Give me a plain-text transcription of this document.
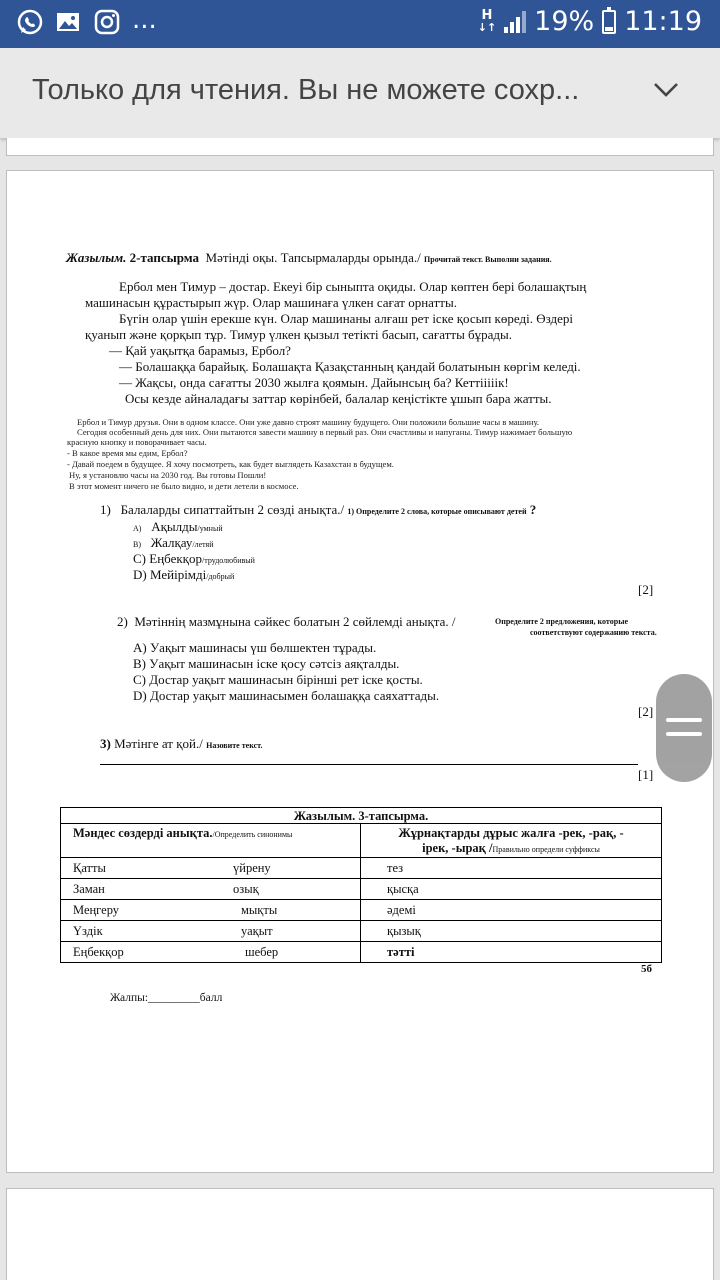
...	H
↓↑ 19% 11:19
Только для чтения. Вы не можете сохр...
Жазылым. 2-тапсырма Мәтінді оқы. Тапсырмаларды орында./ Прочитай текст. Выполни задания.
Ербол мен Тимур – достар. Екеуі бір сыныпта оқиды. Олар көптен бері болашақтың
машинасын құрастырып жүр. Олар машинаға үлкен сағат орнатты.
Бүгін олар үшін ерекше күн. Олар машинаны алғаш рет іске қосып көреді. Өздері
қуанып және қорқып тұр. Тимур үлкен қызыл тетікті басып, сағатты бұрады.
— Қай уақытқа барамыз, Ербол?
— Болашаққа барайық. Болашақта Қазақстанның қандай болатынын көргім келеді.
— Жақсы, онда сағатты 2030 жылға қоямын. Дайынсың ба? Кеттііііік!
Осы кезде айналадағы заттар көрінбей, балалар кеңістікте ұшып бара жатты.
Ербол и Тимур друзья. Они в одном классе. Они уже давно строят машину будущего. Они положили большие часы в машину.
Сегодня особенный день для них. Они пытаются завести машину в первый раз. Они счастливы и напуганы. Тимур нажимает большую
красную кнопку и поворачивает часы.
- В какое время мы едим, Ербол?
- Давай поедем в будущее. Я хочу посмотреть, как будет выглядеть Казахстан в будущем.
Ну, я установлю часы на 2030 год. Вы готовы Пошли!
В этот момент ничего не было видно, и дети летели в космосе.
1) Балаларды сипаттайтын 2 сөзді анықта./ 1) Определите 2 слова, которые описывают детей ?
A) Ақылды/умный
B) Жалқау/летяй
C) Еңбекқор/трудолюбивый
D) Мейірімді/добрый
[2]
2) Мәтіннің мазмұнына сәйкес болатын 2 сөйлемді анықта. /	Определите 2 предложения, которые
соответствуют содержанию текста.
A) Уақыт машинасы үш бөлшектен тұрады.
B) Уақыт машинасын іске қосу сәтсіз аяқталды.
C) Достар уақыт машинасын бірінші рет іске қосты.
D) Достар уақыт машинасымен болашаққа саяхаттады.
[2]
3) Мәтінге ат қой./ Назовите текст.
[1]
Жазылым. 3-тапсырма.	
Мәндес сөздерді анықта./Определить синонимы	Жұрнақтарды дұрыс жалға -рек, -рақ, -
ірек, -ырақ /Правильно определи суффиксы

Қатты үйрену	тез
Заман озық	қысқа
Меңгеру мықты	әдемі
Үздік уақыт	қызық
Еңбекқор шебер	тәтті
5б
Жалпы:_________балл
